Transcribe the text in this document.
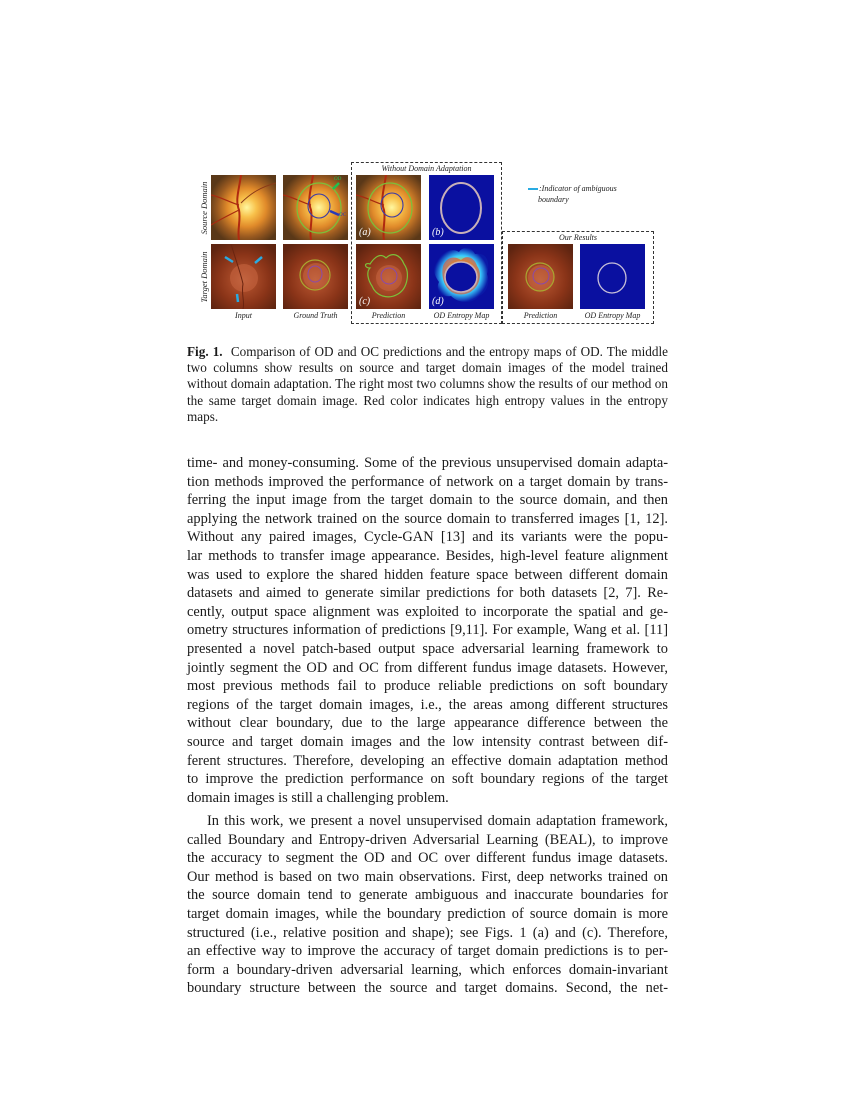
Source Domain
Target Domain
OD
OC
Without Domain Adaptation
(a)	(b)
(c)	(d)
:Indicator of ambiguous
boundary
Our Results
Input	Ground Truth	Prediction	OD Entropy Map	Prediction	OD Entropy Map
Fig. 1. Comparison of OD and OC predictions and the entropy maps of OD. The middle two columns show results on source and target domain images of the model trained without domain adaptation. The right most two columns show the results of our method on the same target domain image. Red color indicates high entropy values in the entropy maps.
time- and money-consuming. Some of the previous unsupervised domain adapta-
tion methods improved the performance of network on a target domain by trans-
ferring the input image from the target domain to the source domain, and then
applying the network trained on the source domain to transferred images [1, 12].
Without any paired images, Cycle-GAN [13] and its variants were the popu-
lar methods to transfer image appearance. Besides, high-level feature alignment
was used to explore the shared hidden feature space between different domain
datasets and aimed to generate similar predictions for both datasets [2, 7]. Re-
cently, output space alignment was exploited to incorporate the spatial and ge-
ometry structures information of predictions [9,11]. For example, Wang et al. [11]
presented a novel patch-based output space adversarial learning framework to
jointly segment the OD and OC from different fundus image datasets. However,
most previous methods fail to produce reliable predictions on soft boundary
regions of the target domain images, i.e., the areas among different structures
without clear boundary, due to the large appearance difference between the
source and target domain images and the low intensity contrast between dif-
ferent structures. Therefore, developing an effective domain adaptation method
to improve the prediction performance on soft boundary regions of the target
domain images is still a challenging problem.
In this work, we present a novel unsupervised domain adaptation framework,
called Boundary and Entropy-driven Adversarial Learning (BEAL), to improve
the accuracy to segment the OD and OC over different fundus image datasets.
Our method is based on two main observations. First, deep networks trained on
the source domain tend to generate ambiguous and inaccurate boundaries for
target domain images, while the boundary prediction of source domain is more
structured (i.e., relative position and shape); see Figs. 1 (a) and (c). Therefore,
an effective way to improve the accuracy of target domain predictions is to per-
form a boundary-driven adversarial learning, which enforces domain-invariant
boundary structure between the source and target domains. Second, the net-
